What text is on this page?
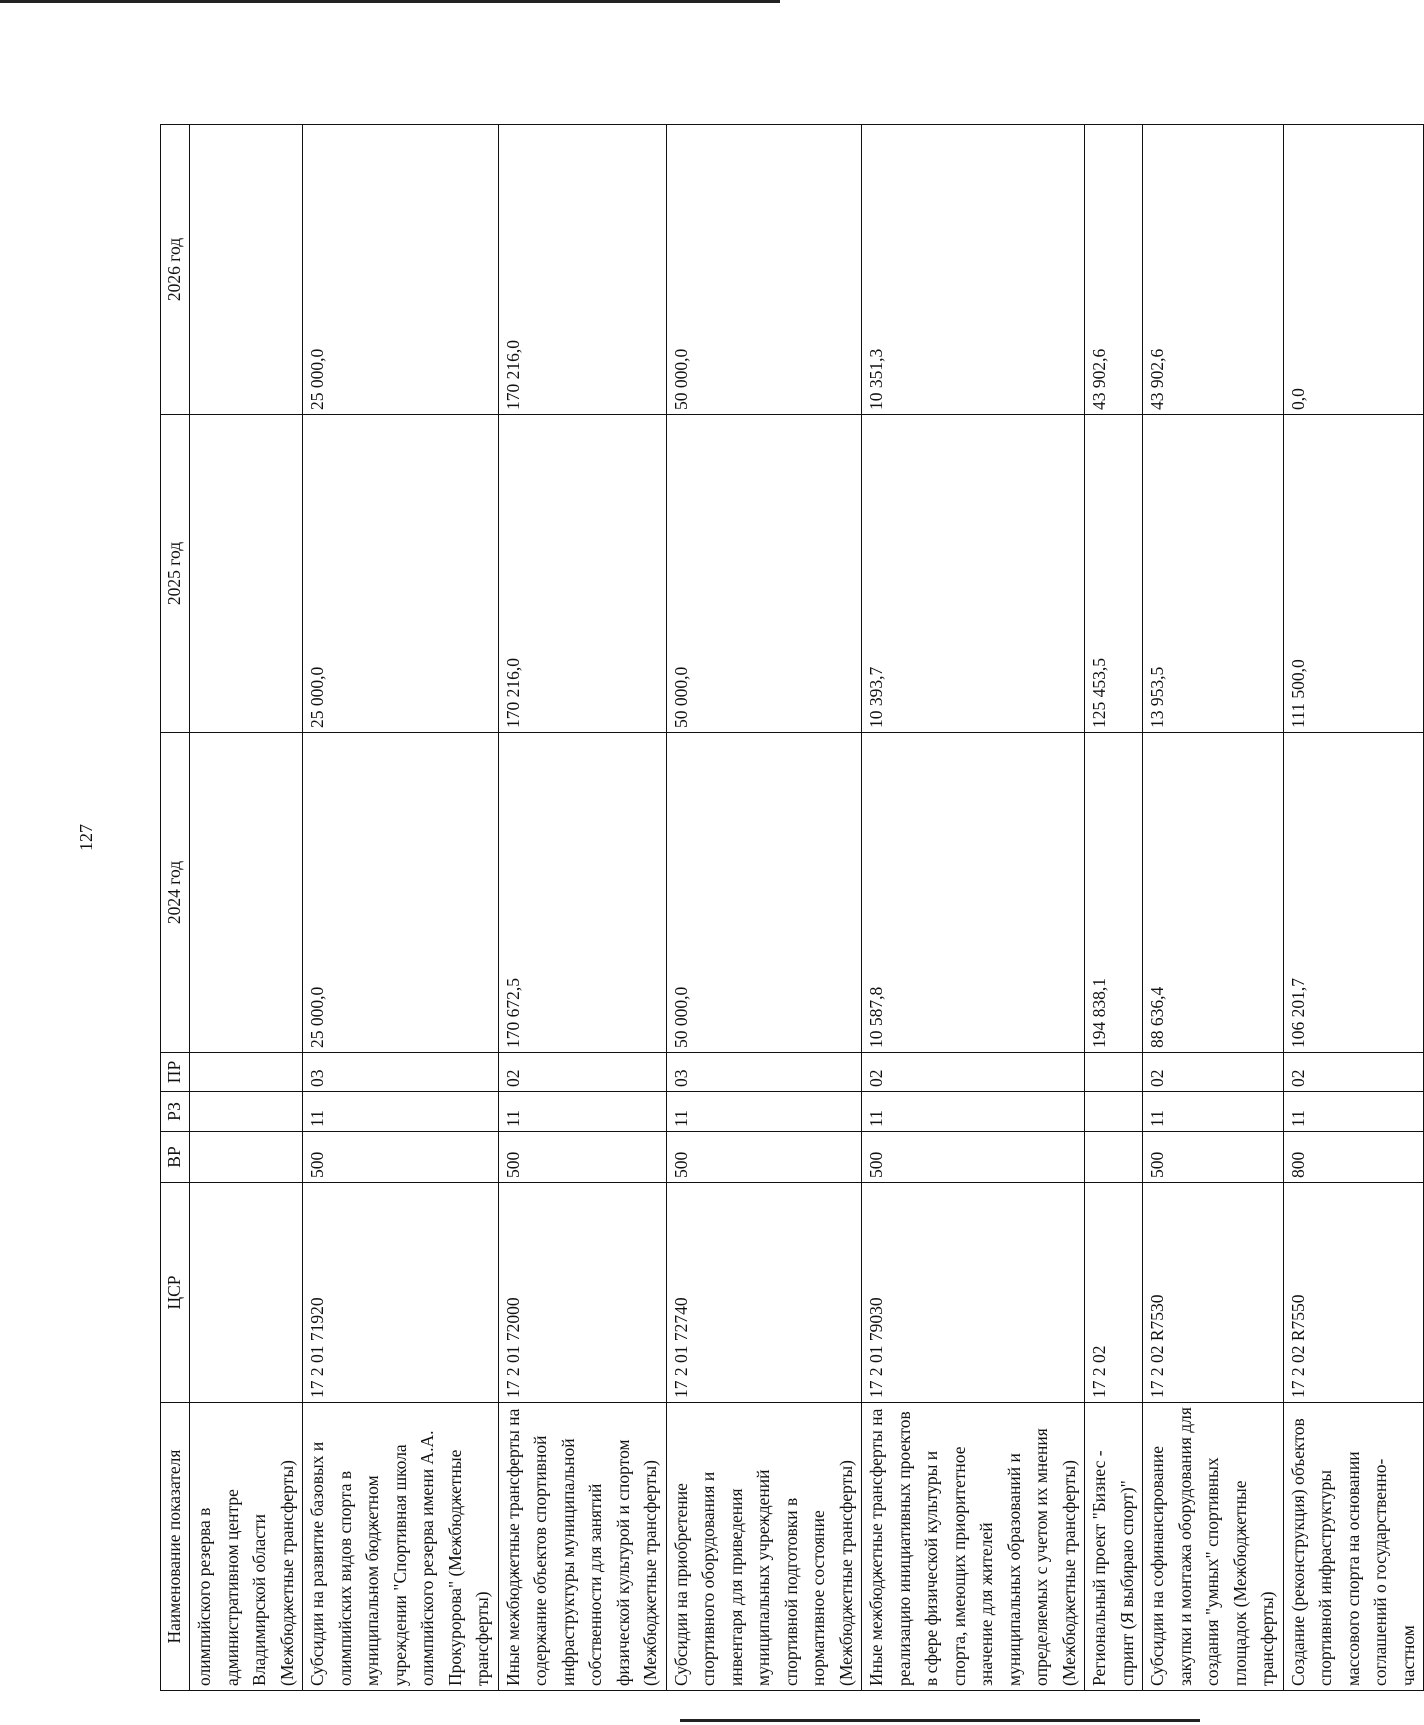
127
Наименование показателя	ЦСР	ВР	РЗ	ПР	2024 год	2025 год	2026 год
олимпийского резерва в административном центре Владимирской области (Межбюджетные трансферты)							
Субсидии на развитие базовых и олимпийских видов спорта в муниципальном бюджетном учреждении "Спортивная школа олимпийского резерва имени А.А. Прокуророва" (Межбюджетные трансферты)	17 2 01 71920	500	11	03	25 000,0	25 000,0	25 000,0
Иные межбюджетные трансферты на содержание объектов спортивной инфраструктуры муниципальной собственности для занятий физической культурой и спортом (Межбюджетные трансферты)	17 2 01 72000	500	11	02	170 672,5	170 216,0	170 216,0
Субсидии на приобретение спортивного оборудования и инвентаря для приведения муниципальных учреждений спортивной подготовки в нормативное состояние (Межбюджетные трансферты)	17 2 01 72740	500	11	03	50 000,0	50 000,0	50 000,0
Иные межбюджетные трансферты на реализацию инициативных проектов в сфере физической культуры и спорта, имеющих приоритетное значение для жителей муниципальных образований и определяемых с учетом их мнения (Межбюджетные трансферты)	17 2 01 79030	500	11	02	10 587,8	10 393,7	10 351,3
Региональный проект "Бизнес - спринт (Я выбираю спорт)"	17 2 02				194 838,1	125 453,5	43 902,6
Субсидии на софинансирование закупки и монтажа оборудования для создания "умных" спортивных площадок (Межбюджетные трансферты)	17 2 02 R7530	500	11	02	88 636,4	13 953,5	43 902,6
Создание (реконструкция) объектов спортивной инфраструктуры массового спорта на основании соглашений о государственно-частном	17 2 02 R7550	800	11	02	106 201,7	111 500,0	0,0
